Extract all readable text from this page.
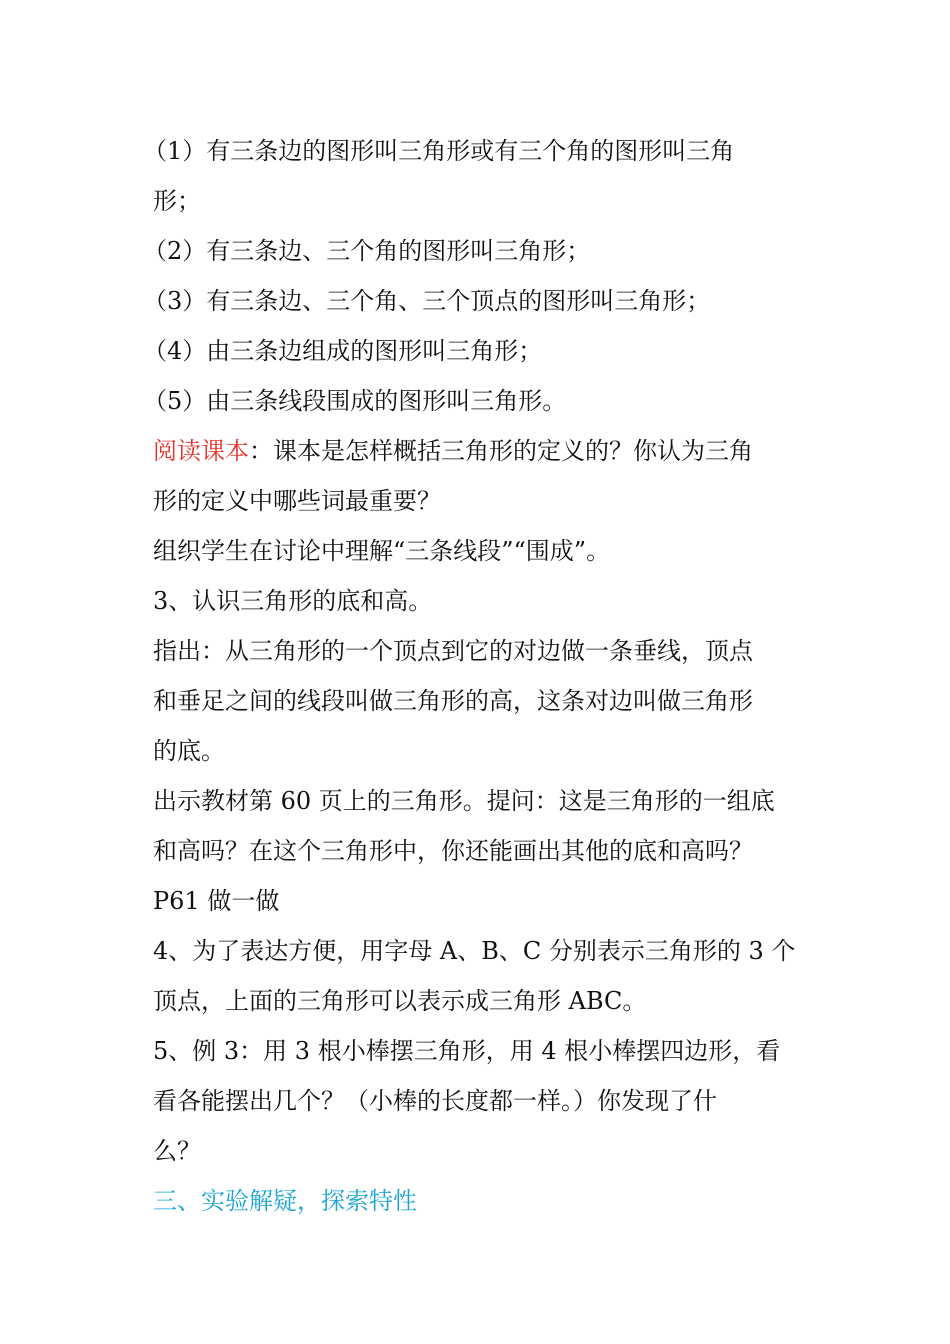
（1）有三条边的图形叫三角形或有三个角的图形叫三角
形；
（2）有三条边、三个角的图形叫三角形；
（3）有三条边、三个角、三个顶点的图形叫三角形；
（4）由三条边组成的图形叫三角形；
（5）由三条线段围成的图形叫三角形。
阅读课本：课本是怎样概括三角形的定义的？你认为三角
形的定义中哪些词最重要？
组织学生在讨论中理解“三条线段”“围成”。
3、认识三角形的底和高。
指出：从三角形的一个顶点到它的对边做一条垂线，顶点
和垂足之间的线段叫做三角形的高，这条对边叫做三角形
的底。
出示教材第 60 页上的三角形。提问：这是三角形的一组底
和高吗？在这个三角形中，你还能画出其他的底和高吗？
P61 做一做
4、为了表达方便，用字母 A、B、C 分别表示三角形的 3 个
顶点，上面的三角形可以表示成三角形 ABC。
5、例 3：用 3 根小棒摆三角形，用 4 根小棒摆四边形，看
看各能摆出几个？（小棒的长度都一样。）你发现了什
么？
三、实验解疑，探索特性
